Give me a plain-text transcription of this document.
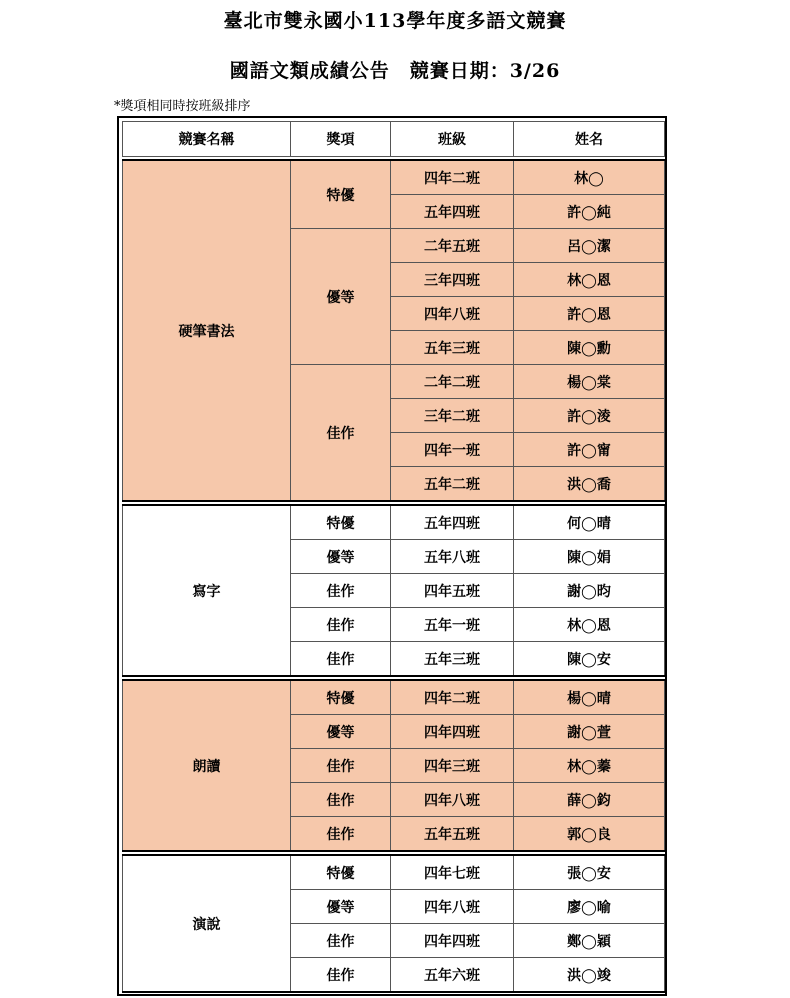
臺北市雙永國小113學年度多語文競賽
國語文類成績公告　競賽日期：3/26
*獎項相同時按班級排序
競賽名稱	獎項	班級	姓名

硬筆書法	特優	四年二班	林◯
		五年四班	許◯純
	優等	二年五班	呂◯潔
		三年四班	林◯恩
		四年八班	許◯恩
		五年三班	陳◯勳
	佳作	二年二班	楊◯棠
		三年二班	許◯淩
		四年一班	許◯甯
		五年二班	洪◯喬

寫字	特優	五年四班	何◯晴
	優等	五年八班	陳◯娟
	佳作	四年五班	謝◯昀
	佳作	五年一班	林◯恩
	佳作	五年三班	陳◯安

朗讀	特優	四年二班	楊◯晴
	優等	四年四班	謝◯萱
	佳作	四年三班	林◯蓁
	佳作	四年八班	薛◯鈞
	佳作	五年五班	郭◯良

演說	特優	四年七班	張◯安
	優等	四年八班	廖◯喻
	佳作	四年四班	鄭◯穎
	佳作	五年六班	洪◯竣
